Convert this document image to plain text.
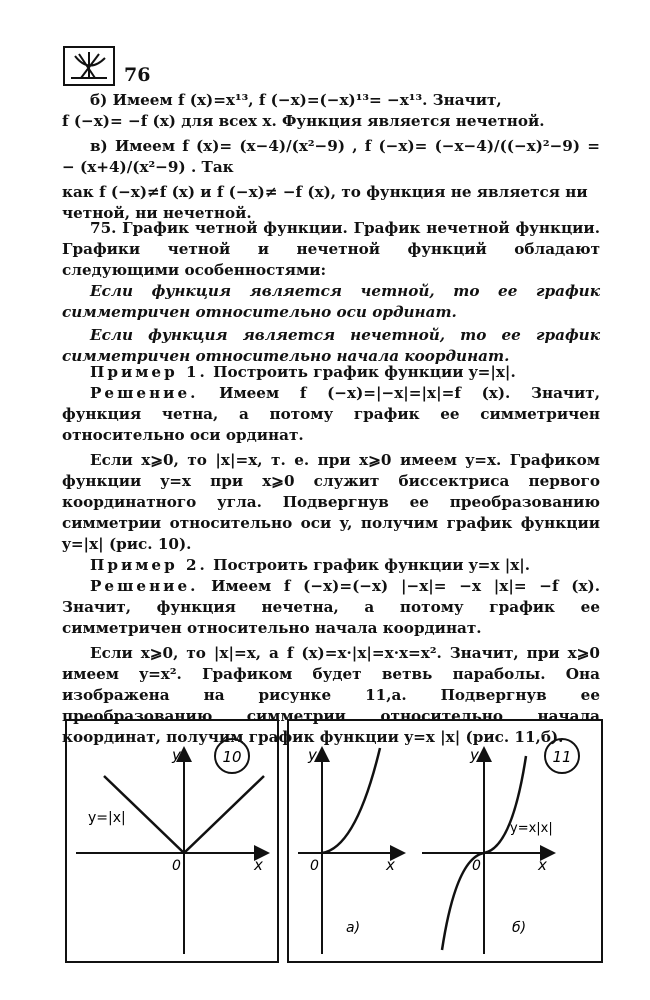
76

б) Имеем f (x)=x¹³, f (−x)=(−x)¹³= −x¹³. Значит,

f (−x)= −f (x) для всех x. Функция является нечетной.

в) Имеем f (x)= (x−4)/(x²−9) , f (−x)= (−x−4)/((−x)²−9) = − (x+4)/(x²−9) . Так

как f (−x)≠f (x) и f (−x)≠ −f (x), то функция не является ни

четной, ни нечетной.

75. График четной функции. График нечетной функции. Графики четной и нечетной функций обладают следующими особенностями:

Если функция является четной, то ее график симметричен относительно оси ординат.

Если функция является нечетной, то ее график симметричен относительно начала координат.

Пример 1. Построить график функции y=|x|.

Решение. Имеем f (−x)=|−x|=|x|=f (x). Значит, функция четна, а потому график ее симметричен относительно оси ординат.

Если x⩾0, то |x|=x, т. е. при x⩾0 имеем y=x. Графиком функции y=x при x⩾0 служит биссектриса первого координатного угла. Подвергнув ее преобразованию симметрии относительно оси y, получим график функции y=|x| (рис. 10).

Пример 2. Построить график функции y=x |x|.

Решение. Имеем f (−x)=(−x) |−x|= −x |x|= −f (x). Значит, функция нечетна, а потому график ее симметричен относительно начала координат.

Если x⩾0, то |x|=x, а f (x)=x·|x|=x·x=x². Значит, при x⩾0 имеем y=x². Графиком будет ветвь параболы. Она изображена на рисунке 11,а. Подвергнув ее преобразованию симметрии относительно начала координат, получим график функции y=x |x| (рис. 11,б).

10
y
x
0
y=|x|
y
x
0
а)
11
y
x
0
y=x|x|
б)
